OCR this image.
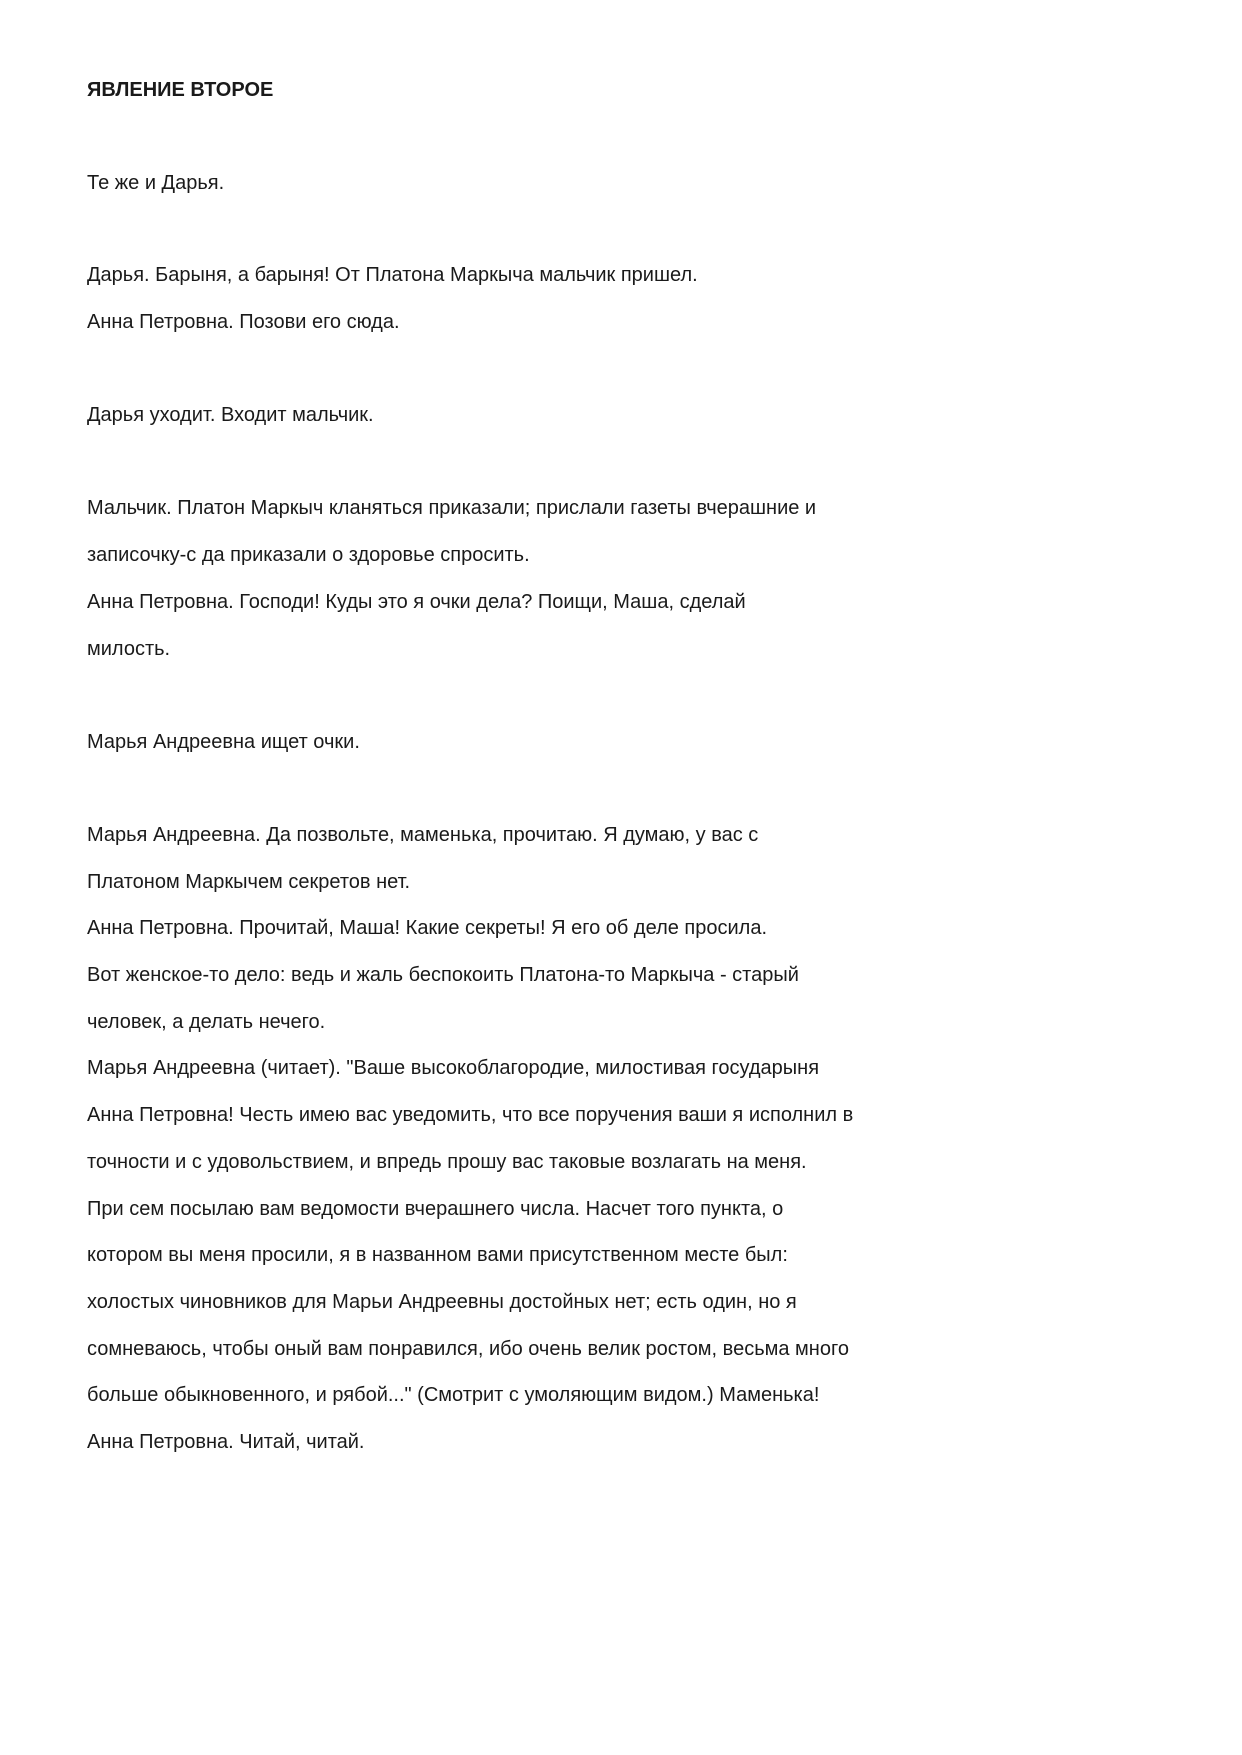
ЯВЛЕНИЕ ВТОРОЕ
Те же и Дарья.
Дарья. Барыня, а барыня! От Платона Маркыча мальчик пришел.
Анна Петровна. Позови его сюда.
Дарья уходит. Входит мальчик.
Мальчик. Платон Маркыч кланяться приказали; прислали газеты вчерашние и
записочку-с да приказали о здоровье спросить.
Анна Петровна. Господи! Куды это я очки дела? Поищи, Маша, сделай
милость.
Марья Андреевна ищет очки.
Марья Андреевна. Да позвольте, маменька, прочитаю. Я думаю, у вас с
Платоном Маркычем секретов нет.
Анна Петровна. Прочитай, Маша! Какие секреты! Я его об деле просила.
Вот женское-то дело: ведь и жаль беспокоить Платона-то Маркыча - старый
человек, а делать нечего.
Марья Андреевна (читает). "Ваше высокоблагородие, милостивая государыня
Анна Петровна! Честь имею вас уведомить, что все поручения ваши я исполнил в
точности и с удовольствием, и впредь прошу вас таковые возлагать на меня.
При сем посылаю вам ведомости вчерашнего числа. Насчет того пункта, о
котором вы меня просили, я в названном вами присутственном месте был:
холостых чиновников для Марьи Андреевны достойных нет; есть один, но я
сомневаюсь, чтобы оный вам понравился, ибо очень велик ростом, весьма много
больше обыкновенного, и рябой..." (Смотрит с умоляющим видом.) Маменька!
Анна Петровна. Читай, читай.
